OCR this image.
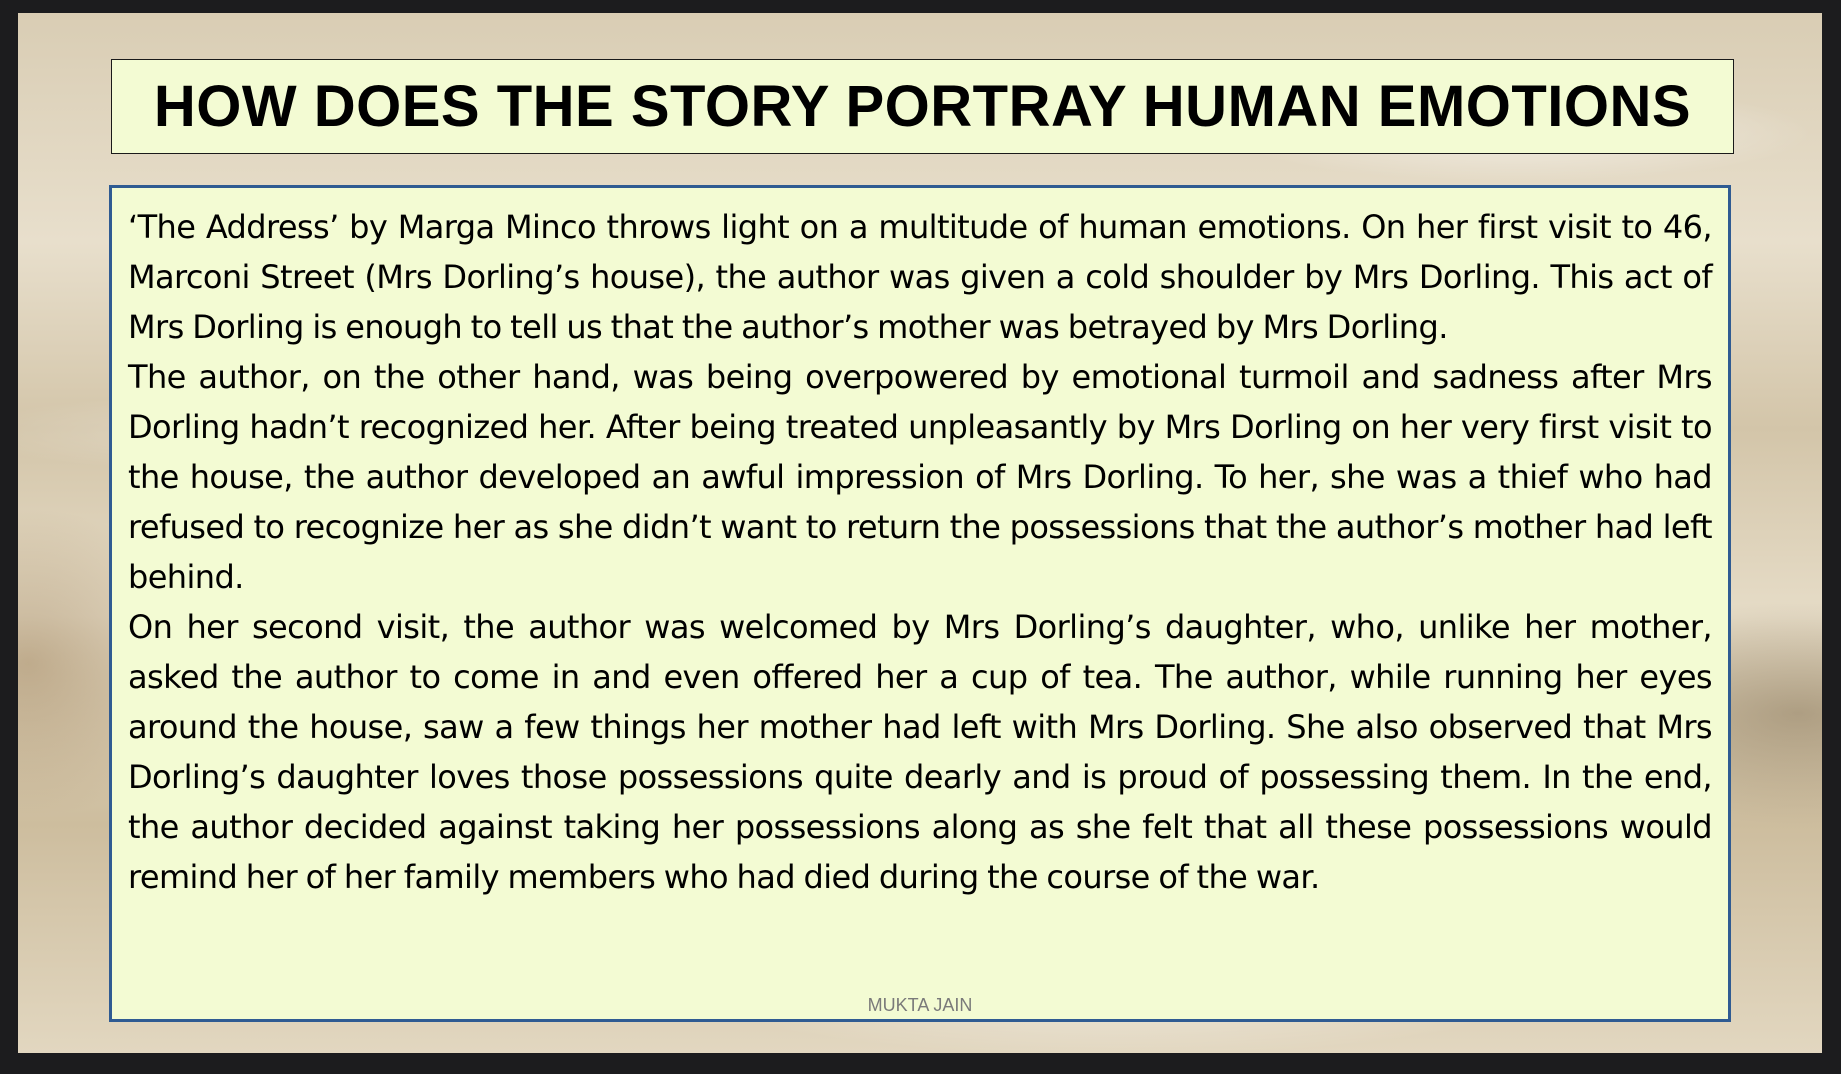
HOW DOES THE STORY PORTRAY HUMAN EMOTIONS

‘The Address’ by Marga Minco throws light on a multitude of human emotions. On her first visit to 46, Marconi Street (Mrs Dorling’s house), the author was given a cold shoulder by Mrs Dorling. This act of Mrs Dorling is enough to tell us that the author’s mother was betrayed by Mrs Dorling.

The author, on the other hand, was being overpowered by emotional turmoil and sadness after Mrs Dorling hadn’t recognized her. After being treated unpleasantly by Mrs Dorling on her very first visit to the house, the author developed an awful impression of Mrs Dorling. To her, she was a thief who had refused to recognize her as she didn’t want to return the possessions that the author’s mother had left behind.

On her second visit, the author was welcomed by Mrs Dorling’s daughter, who, unlike her mother, asked the author to come in and even offered her a cup of tea. The author, while running her eyes around the house, saw a few things her mother had left with Mrs Dorling. She also observed that Mrs Dorling’s daughter loves those possessions quite dearly and is proud of possessing them. In the end, the author decided against taking her possessions along as she felt that all these possessions would remind her of her family members who had died during the course of the war.

MUKTA JAIN
